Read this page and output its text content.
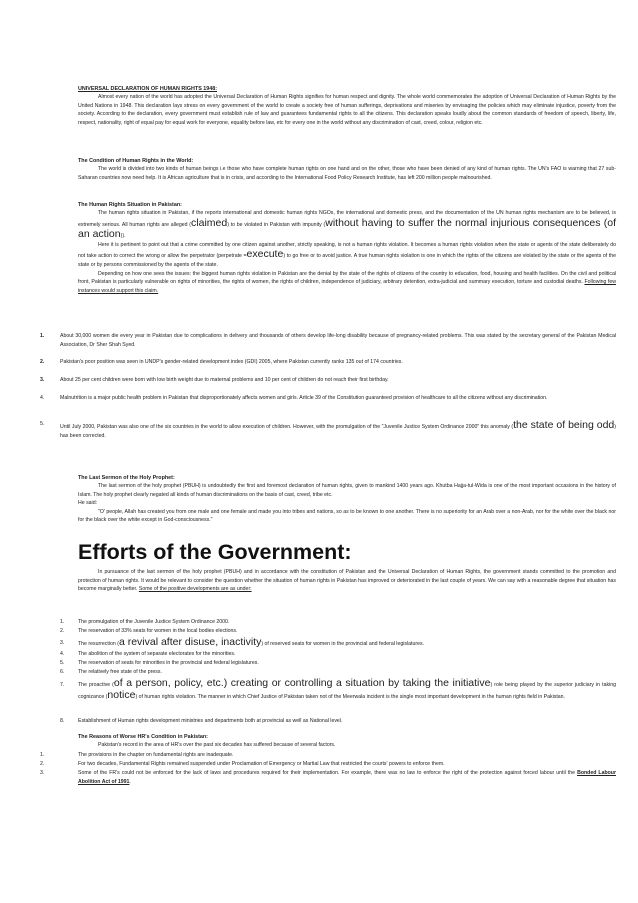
UNIVERSAL DECLARATION OF HUMAN RIGHTS 1948:
Almost every nation of the world has adopted the Universal Declaration of Human Rights signifies for human respect and dignity. The whole world commemorates the adoption of Universal Declaration of Human Rights by the United Nations in 1948. This declaration lays stress on every government of the world to create a society free of human sufferings, deprivations and miseries by envisaging the policies which may eliminate injustice, poverty from the society. According to the declaration, every government must establish rule of law and guarantees fundamental rights to all the citizens. This declaration speaks loudly about the common standards of freedom of speech, liberty, life, respect, nationality, right of equal pay for equal work for everyone, equality before law, etc for every one in the world without any discrimination of cast, creed, colour, religion etc.
The Condition of Human Rights in the World:
The world is divided into two kinds of human beings i.e those who have complete human rights on one hand and on the other, those who have been denied of any kind of human rights. The UN's FAO is warning that 27 sub-Saharan countries now need help. It is African agriculture that is in crisis, and according to the International Food Policy Research Institute, has left 200 million people malnourished.
The Human Rights Situation in Pakistan:
The human rights situation in Pakistan, if the reports international and domestic human rights NGOs, the international and domestic press, and the documentation of the UN human rights mechanism are to be believed, is extremely serious. All human rights are alleged (claimed) to be violated in Pakistan with impunity (without having to suffer the normal injurious consequences (of an action)).
Here it is pertinent to point out that a crime committed by one citizen against another, strictly speaking, is not a human rights violation. It becomes a human rights violation when the state or agents of the state deliberately do not take action to correct the wrong or allow the perpetrator (perpetrate =execute) to go free or to avoid justice. A true human rights violation is one in which the rights of the citizens are violated by the state or the agents of the state or by persons commissioned by the agents of the state.
Depending on how one sees the issues: the biggest human rights violation in Pakistan are the denial by the state of the rights of citizens of the country to education, food, housing and health facilities. On the civil and political front, Pakistan is particularly vulnerable on rights of minorities, the rights of women, the rights of children, independence of judiciary, arbitrary detention, extra-judicial and summary execution, torture and custodial deaths. Following few instances would support this claim.
1.	About 30,000 women die every year in Pakistan due to complications in delivery and thousands of others develop life-long disability because of pregnancy-related problems. This was stated by the secretary general of the Pakistan Medical Association, Dr Sher Shah Syed.
2.	Pakistan's poor position was seen in UNDP's gender-related development index (GDI) 2005, where Pakistan currently ranks 135 out of 174 countries.
3.	About 25 per cent children were born with low birth weight due to maternal problems and 10 per cent of children do not reach their first birthday.
4.	Malnutrition is a major public health problem in Pakistan that disproportionately affects women and girls. Article 39 of the Constitution guaranteed provision of healthcare to all the citizens without any discrimination.
5.	Until July 2000, Pakistan was also one of the six countries in the world to allow execution of children. However, with the promulgation of the "Juvenile Justice System Ordinance 2000" this anomaly (the state of being odd) has been corrected.
The Last Sermon of the Holy Prophet:
The last sermon of the holy prophet (PBUH) is undoubtedly the first and foremost declaration of human rights, given to mankind 1400 years ago. Khutba Hajja-tul-Wida is one of the most important occasions in the history of Islam. The holy prophet clearly negated all kinds of human discriminations on the basis of cast, creed, tribe etc.
He said:
"O' people, Allah has created you from one male and one female and made you into tribes and nations, so as to be known to one another. There is no superiority for an Arab over a non-Arab, nor for the white over the black nor for the black over the white except in God-consciousness."
Efforts of the Government:
In pursuance of the last sermon of the holy prophet (PBUH) and in accordance with the constitution of Pakistan and the Universal Declaration of Human Rights, the government stands committed to the promotion and protection of human rights. It would be relevant to consider the question whether the situation of human rights in Pakistan has improved or deteriorated in the last couple of years. We can say with a reasonable degree that situation has become marginally better. Some of the positive developments are as under:
1.	The promulgation of the Juvenile Justice System Ordinance 2000.
2.	The reservation of 33% seats for women in the local bodies elections.
3.	The resurrection (a revival after disuse, inactivity) of reserved seats for women in the provincial and federal legislatures.
4.	The abolition of the system of separate electorates for the minorities.
5.	The reservation of seats for minorities in the provincial and federal legislatures.
6.	The relatively free state of the press.
7.	The proactive (of a person, policy, etc.) creating or controlling a situation by taking the initiative) role being played by the superior judiciary in taking cognizance (notice) of human rights violation. The manner in which Chief Justice of Pakistan taken not of the Meerwala incident is the single most important development in the human rights field in Pakistan.
8.	Establishment of Human rights development ministries and departments both at provincial as well as National level.
The Reasons of Worse HR's Condition in Pakistan:
Pakistan's record in the area of HR's over the past six decades has suffered because of several factors.
1.	The provisions in the chapter on fundamental rights are inadequate.
2.	For two decades, Fundamental Rights remained suspended under Proclamation of Emergency or Martial Law that restricted the courts' powers to enforce them.
3.	Some of the FR's could not be enforced for the lack of laws and procedures required for their implementation. For example, there was no law to enforce the right of the protection against forced labour until the Bonded Labour Abolition Act of 1991.
